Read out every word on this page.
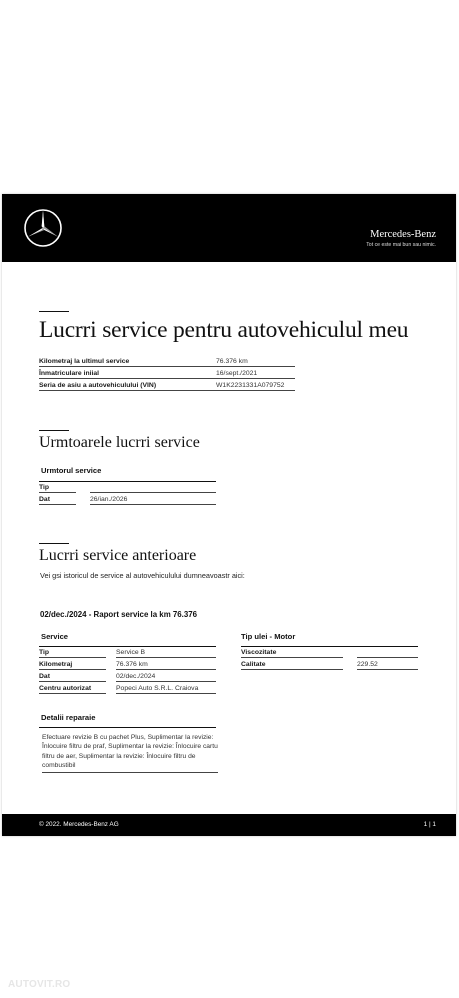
Mercedes-Benz
Tot ce este mai bun sau nimic.
Lucrri service pentru autovehiculul meu
Kilometraj la ultimul service	76.376 km
Înmatriculare iniial	16/sept./2021
Seria de asiu a autovehiculului (VIN)	W1K2231331A079752
Urmtoarele lucrri service
Urmtorul service
Tip
Dat	26/ian./2026
Lucrri service anterioare
Vei gsi istoricul de service al autovehiculului dumneavoastr aici:
02/dec./2024 - Raport service la km 76.376
Service
Tip	Service B
Kilometraj	76.376 km
Dat	02/dec./2024
Centru autorizat	Popeci Auto S.R.L. Craiova
Tip ulei - Motor
Viscozitate
Calitate	229.52
Detalii reparaie
Efectuare revizie B cu pachet Plus, Suplimentar la revizie: Înlocuire filtru de praf, Suplimentar la revizie: Înlocuire cartu filtru de aer, Suplimentar la revizie: Înlocuire filtru de combustibil
© 2022. Mercedes-Benz AG	1 | 1
AUTOVIT.RO
